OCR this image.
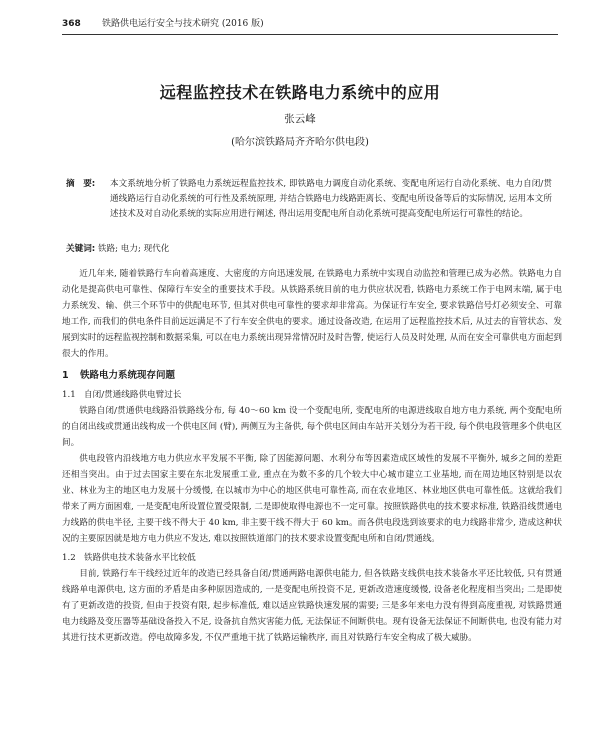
368 铁路供电运行安全与技术研究 (2016 版)
远程监控技术在铁路电力系统中的应用
张云峰
(哈尔滨铁路局齐齐哈尔供电段)
摘　要:	本文系统地分析了铁路电力系统远程监控技术, 即铁路电力调度自动化系统、变配电所运行自动化系统、电力自闭/贯通线路运行自动化系统的可行性及系统原理, 并结合铁路电力线路距离长、变配电所设备等后的实际情况, 运用本文所述技术及对自动化系统的实际应用进行阐述, 得出运用变配电所自动化系统可提高变配电所运行可靠性的结论。
关键词: 铁路; 电力; 现代化

近几年来, 随着铁路行车向着高速度、大密度的方向迅速发展, 在铁路电力系统中实现自动监控和管理已成为必然。铁路电力自动化是提高供电可靠性、保障行车安全的重要技术手段。从铁路系统目前的电力供应状况看, 铁路电力系统工作于电网末端, 属于电力系统发、输、供三个环节中的供配电环节, 但其对供电可靠性的要求却非常高。为保证行车安全, 要求铁路信号灯必须安全、可靠地工作, 而我们的供电条件目前远远满足不了行车安全供电的要求。通过设备改造, 在运用了远程监控技术后, 从过去的盲管状态、发展到实时的远程监视控制和数据采集, 可以在电力系统出现异常情况时及时告警, 使运行人员及时处理, 从而在安全可靠供电方面起到很大的作用。

1 铁路电力系统现存问题
1.1 自闭/贯通线路供电臂过长

铁路自闭/贯通供电线路沿铁路线分布, 每 40～60 km 设一个变配电所, 变配电所的电源进线取自地方电力系统, 两个变配电所的自闭出线或贯通出线构成一个供电区间 (臂), 两侧互为主备供, 每个供电区间由车站开关划分为若干段, 每个供电段管理多个供电区间。

供电段管内沿线地方电力供应水平发展不平衡, 除了因能源问题、水利分布等因素造成区域性的发展不平衡外, 城乡之间的差距还相当突出。由于过去国家主要在东北发展重工业, 重点在为数不多的几个较大中心城市建立工业基地, 而在周边地区特别是以农业、林业为主的地区电力发展十分缓慢, 在以城市为中心的地区供电可靠性高, 而在农业地区、林业地区供电可靠性低。这就给我们带来了两方面困难, 一是变配电所设置位置受限制, 二是即使取得电源也不一定可靠。按照铁路供电的技术要求标准, 铁路沿线贯通电力线路的供电半径, 主要干线不得大于 40 km, 非主要干线不得大于 60 km。而各供电段选到该要求的电力线路非常少, 造成这种状况的主要原因就是地方电力供应不发达, 难以按照铁道部门的技术要求设置变配电所和自闭/贯通线。

1.2 铁路供电技术装备水平比较低

目前, 铁路行车干线经过近年的改造已经具备自闭/贯通两路电源供电能力, 但各铁路支线供电技术装备水平还比较低, 只有贯通线路单电源供电, 这方面的矛盾是由多种原因造成的, 一是变配电所投资不足, 更新改造速度缓慢, 设备老化程度相当突出; 二是即使有了更新改造的投资, 但由于投资有限, 起步标准低, 难以适应铁路快速发展的需要; 三是多年来电力没有得到高度重视, 对铁路贯通电力线路及变压器等基础设备投入不足, 设备抗自然灾害能力低, 无法保证不间断供电。现有设备无法保证不间断供电, 也没有能力对其进行技术更新改造。停电故障多发, 不仅严重地干扰了铁路运输秩序, 而且对铁路行车安全构成了极大威胁。
